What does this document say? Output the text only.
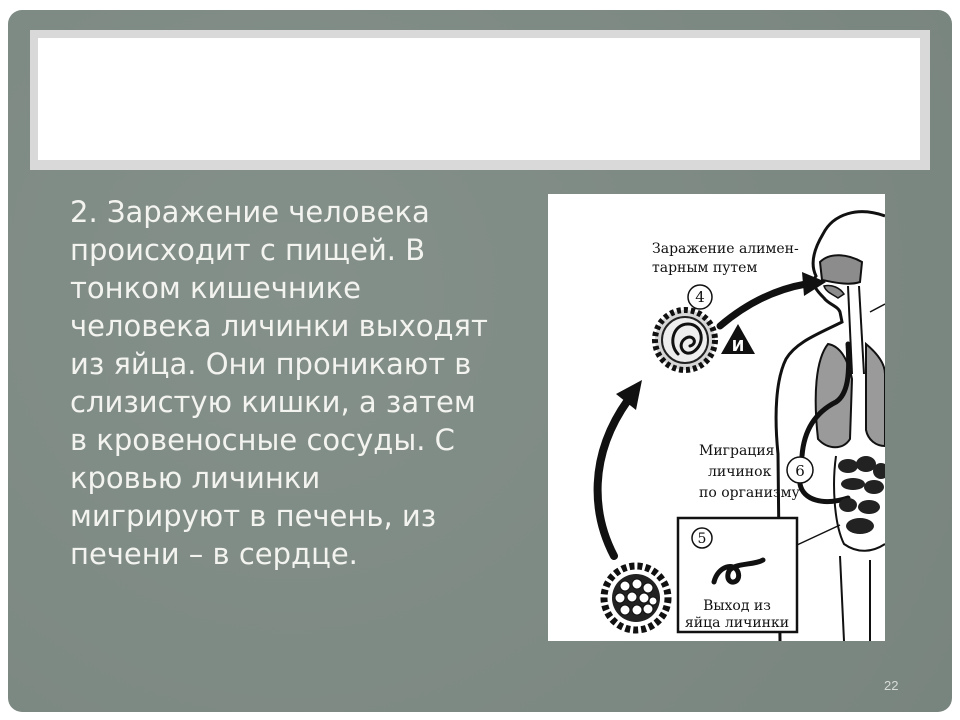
2. Заражение человека
происходит с пищей. В
тонком кишечнике
человека личинки выходят
из яйца. Они проникают в
слизистую кишки, а затем
в кровеносные сосуды. С
кровью личинки
мигрируют в печень, из
печени – в сердце.
Заражение алимен-
тарным путем
4
И
Миграция
личинок
по организму
6
5
Выход из
яйца личинки
22
